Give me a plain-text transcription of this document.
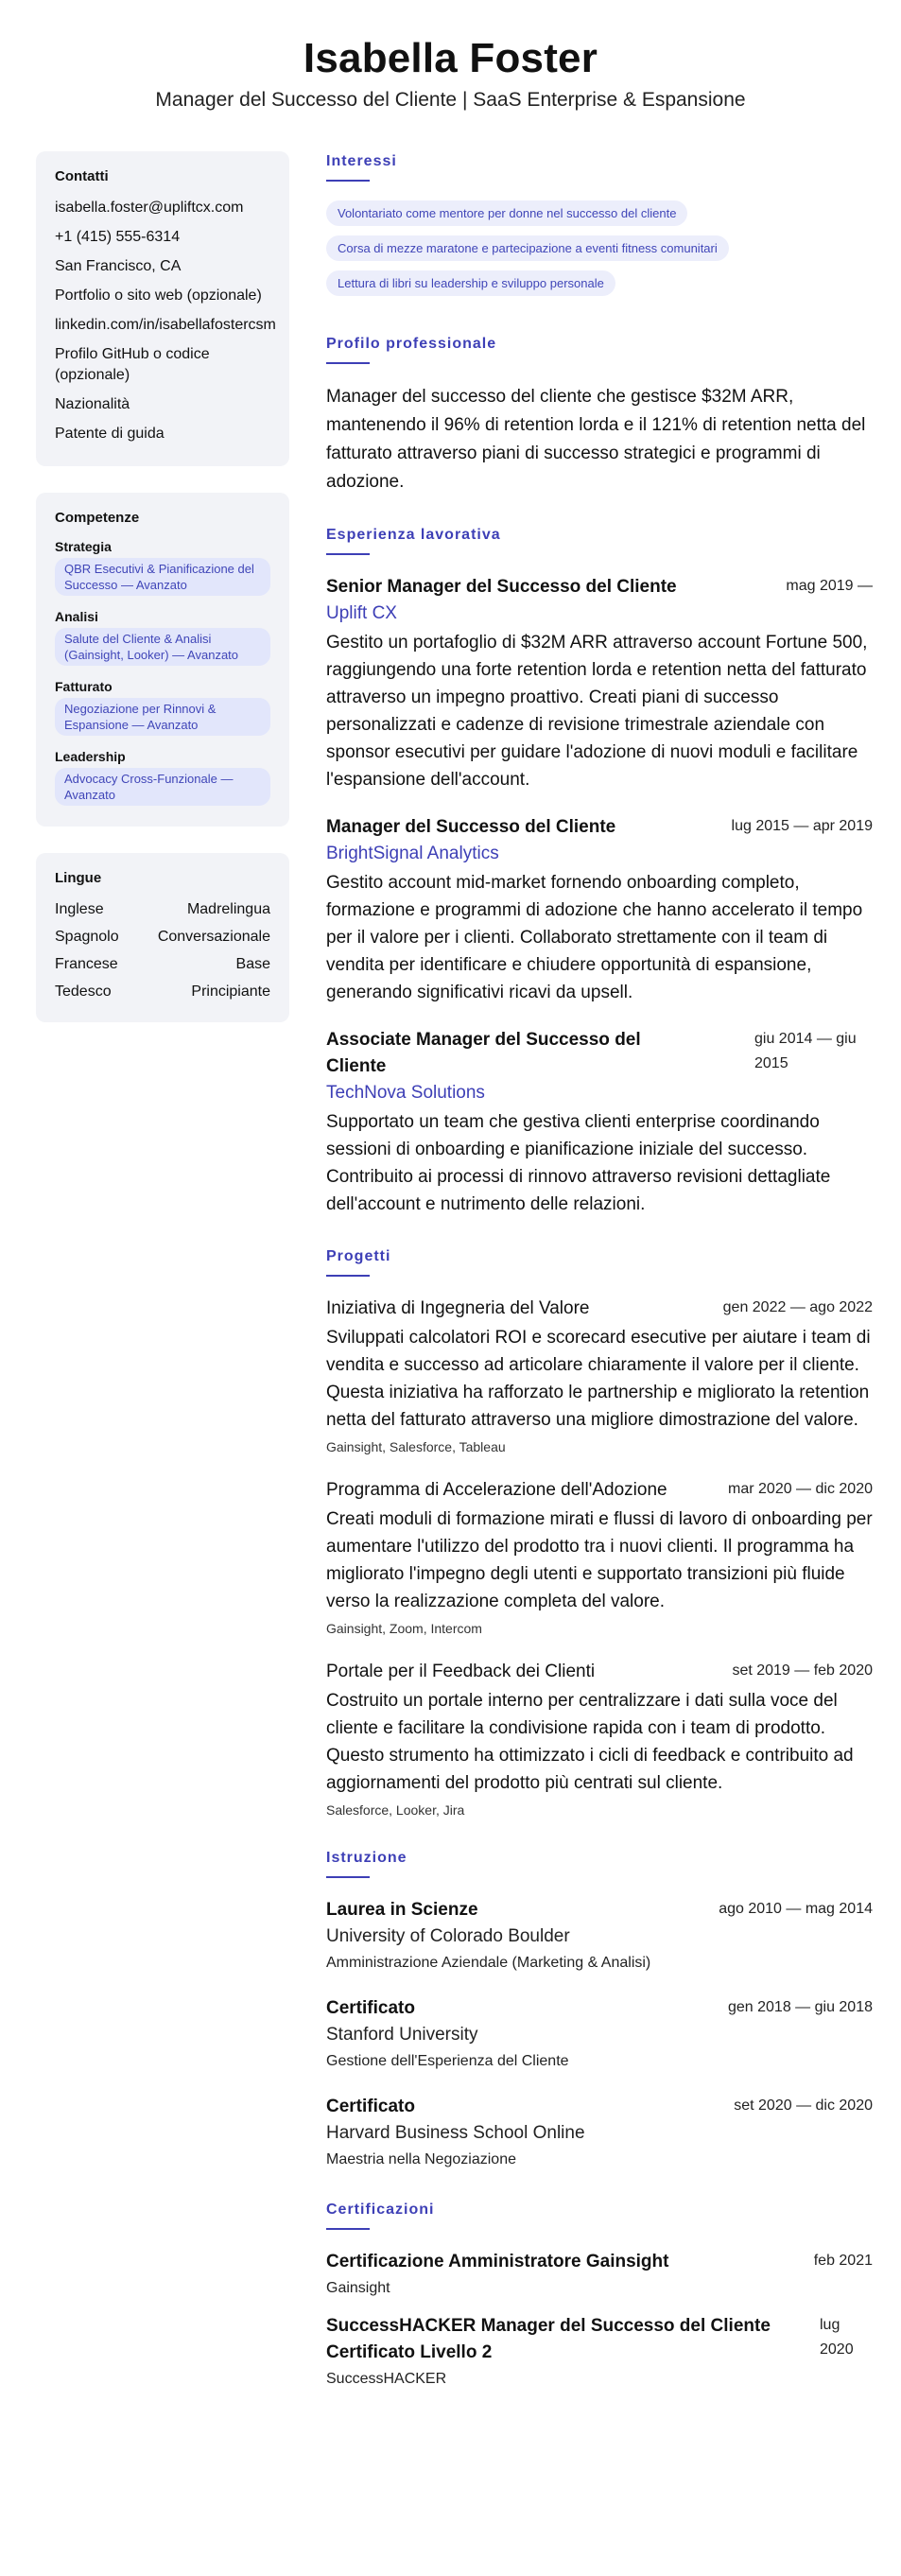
Isabella Foster
Manager del Successo del Cliente | SaaS Enterprise & Espansione
Contatti
isabella.foster@upliftcx.com
+1 (415) 555-6314
San Francisco, CA
Portfolio o sito web (opzionale)
linkedin.com/in/isabellafostercsm
Profilo GitHub o codice (opzionale)
Nazionalità
Patente di guida
Competenze
Strategia
QBR Esecutivi & Pianificazione del Successo — Avanzato
Analisi
Salute del Cliente & Analisi (Gainsight, Looker) — Avanzato
Fatturato
Negoziazione per Rinnovi & Espansione — Avanzato
Leadership
Advocacy Cross-Funzionale — Avanzato
Lingue
Inglese	Madrelingua
Spagnolo	Conversazionale
Francese	Base
Tedesco	Principiante
Interessi
Volontariato come mentore per donne nel successo del cliente
Corsa di mezze maratone e partecipazione a eventi fitness comunitari
Lettura di libri su leadership e sviluppo personale
Profilo professionale
Manager del successo del cliente che gestisce $32M ARR, mantenendo il 96% di retention lorda e il 121% di retention netta del fatturato attraverso piani di successo strategici e programmi di adozione.
Esperienza lavorativa
Senior Manager del Successo del Cliente	mag 2019 —
Uplift CX
Gestito un portafoglio di $32M ARR attraverso account Fortune 500, raggiungendo una forte retention lorda e retention netta del fatturato attraverso un impegno proattivo. Creati piani di successo personalizzati e cadenze di revisione trimestrale aziendale con sponsor esecutivi per guidare l'adozione di nuovi moduli e facilitare l'espansione dell'account.
Manager del Successo del Cliente	lug 2015 — apr 2019
BrightSignal Analytics
Gestito account mid-market fornendo onboarding completo, formazione e programmi di adozione che hanno accelerato il tempo per il valore per i clienti. Collaborato strettamente con il team di vendita per identificare e chiudere opportunità di espansione, generando significativi ricavi da upsell.
Associate Manager del Successo del Cliente
giu 2014 — giu 2015
TechNova Solutions
Supportato un team che gestiva clienti enterprise coordinando sessioni di onboarding e pianificazione iniziale del successo. Contribuito ai processi di rinnovo attraverso revisioni dettagliate dell'account e nutrimento delle relazioni.
Progetti
Iniziativa di Ingegneria del Valore	gen 2022 — ago 2022
Sviluppati calcolatori ROI e scorecard esecutive per aiutare i team di vendita e successo ad articolare chiaramente il valore per il cliente. Questa iniziativa ha rafforzato le partnership e migliorato la retention netta del fatturato attraverso una migliore dimostrazione del valore.
Gainsight, Salesforce, Tableau
Programma di Accelerazione dell'Adozione	mar 2020 — dic 2020
Creati moduli di formazione mirati e flussi di lavoro di onboarding per aumentare l'utilizzo del prodotto tra i nuovi clienti. Il programma ha migliorato l'impegno degli utenti e supportato transizioni più fluide verso la realizzazione completa del valore.
Gainsight, Zoom, Intercom
Portale per il Feedback dei Clienti	set 2019 — feb 2020
Costruito un portale interno per centralizzare i dati sulla voce del cliente e facilitare la condivisione rapida con i team di prodotto. Questo strumento ha ottimizzato i cicli di feedback e contribuito ad aggiornamenti del prodotto più centrati sul cliente.
Salesforce, Looker, Jira
Istruzione
Laurea in Scienze	ago 2010 — mag 2014
University of Colorado Boulder
Amministrazione Aziendale (Marketing & Analisi)
Certificato	gen 2018 — giu 2018
Stanford University
Gestione dell'Esperienza del Cliente
Certificato	set 2020 — dic 2020
Harvard Business School Online
Maestria nella Negoziazione
Certificazioni
Certificazione Amministratore Gainsight	feb 2021
Gainsight
SuccessHACKER Manager del Successo del Cliente Certificato Livello 2
lug 2020
SuccessHACKER
